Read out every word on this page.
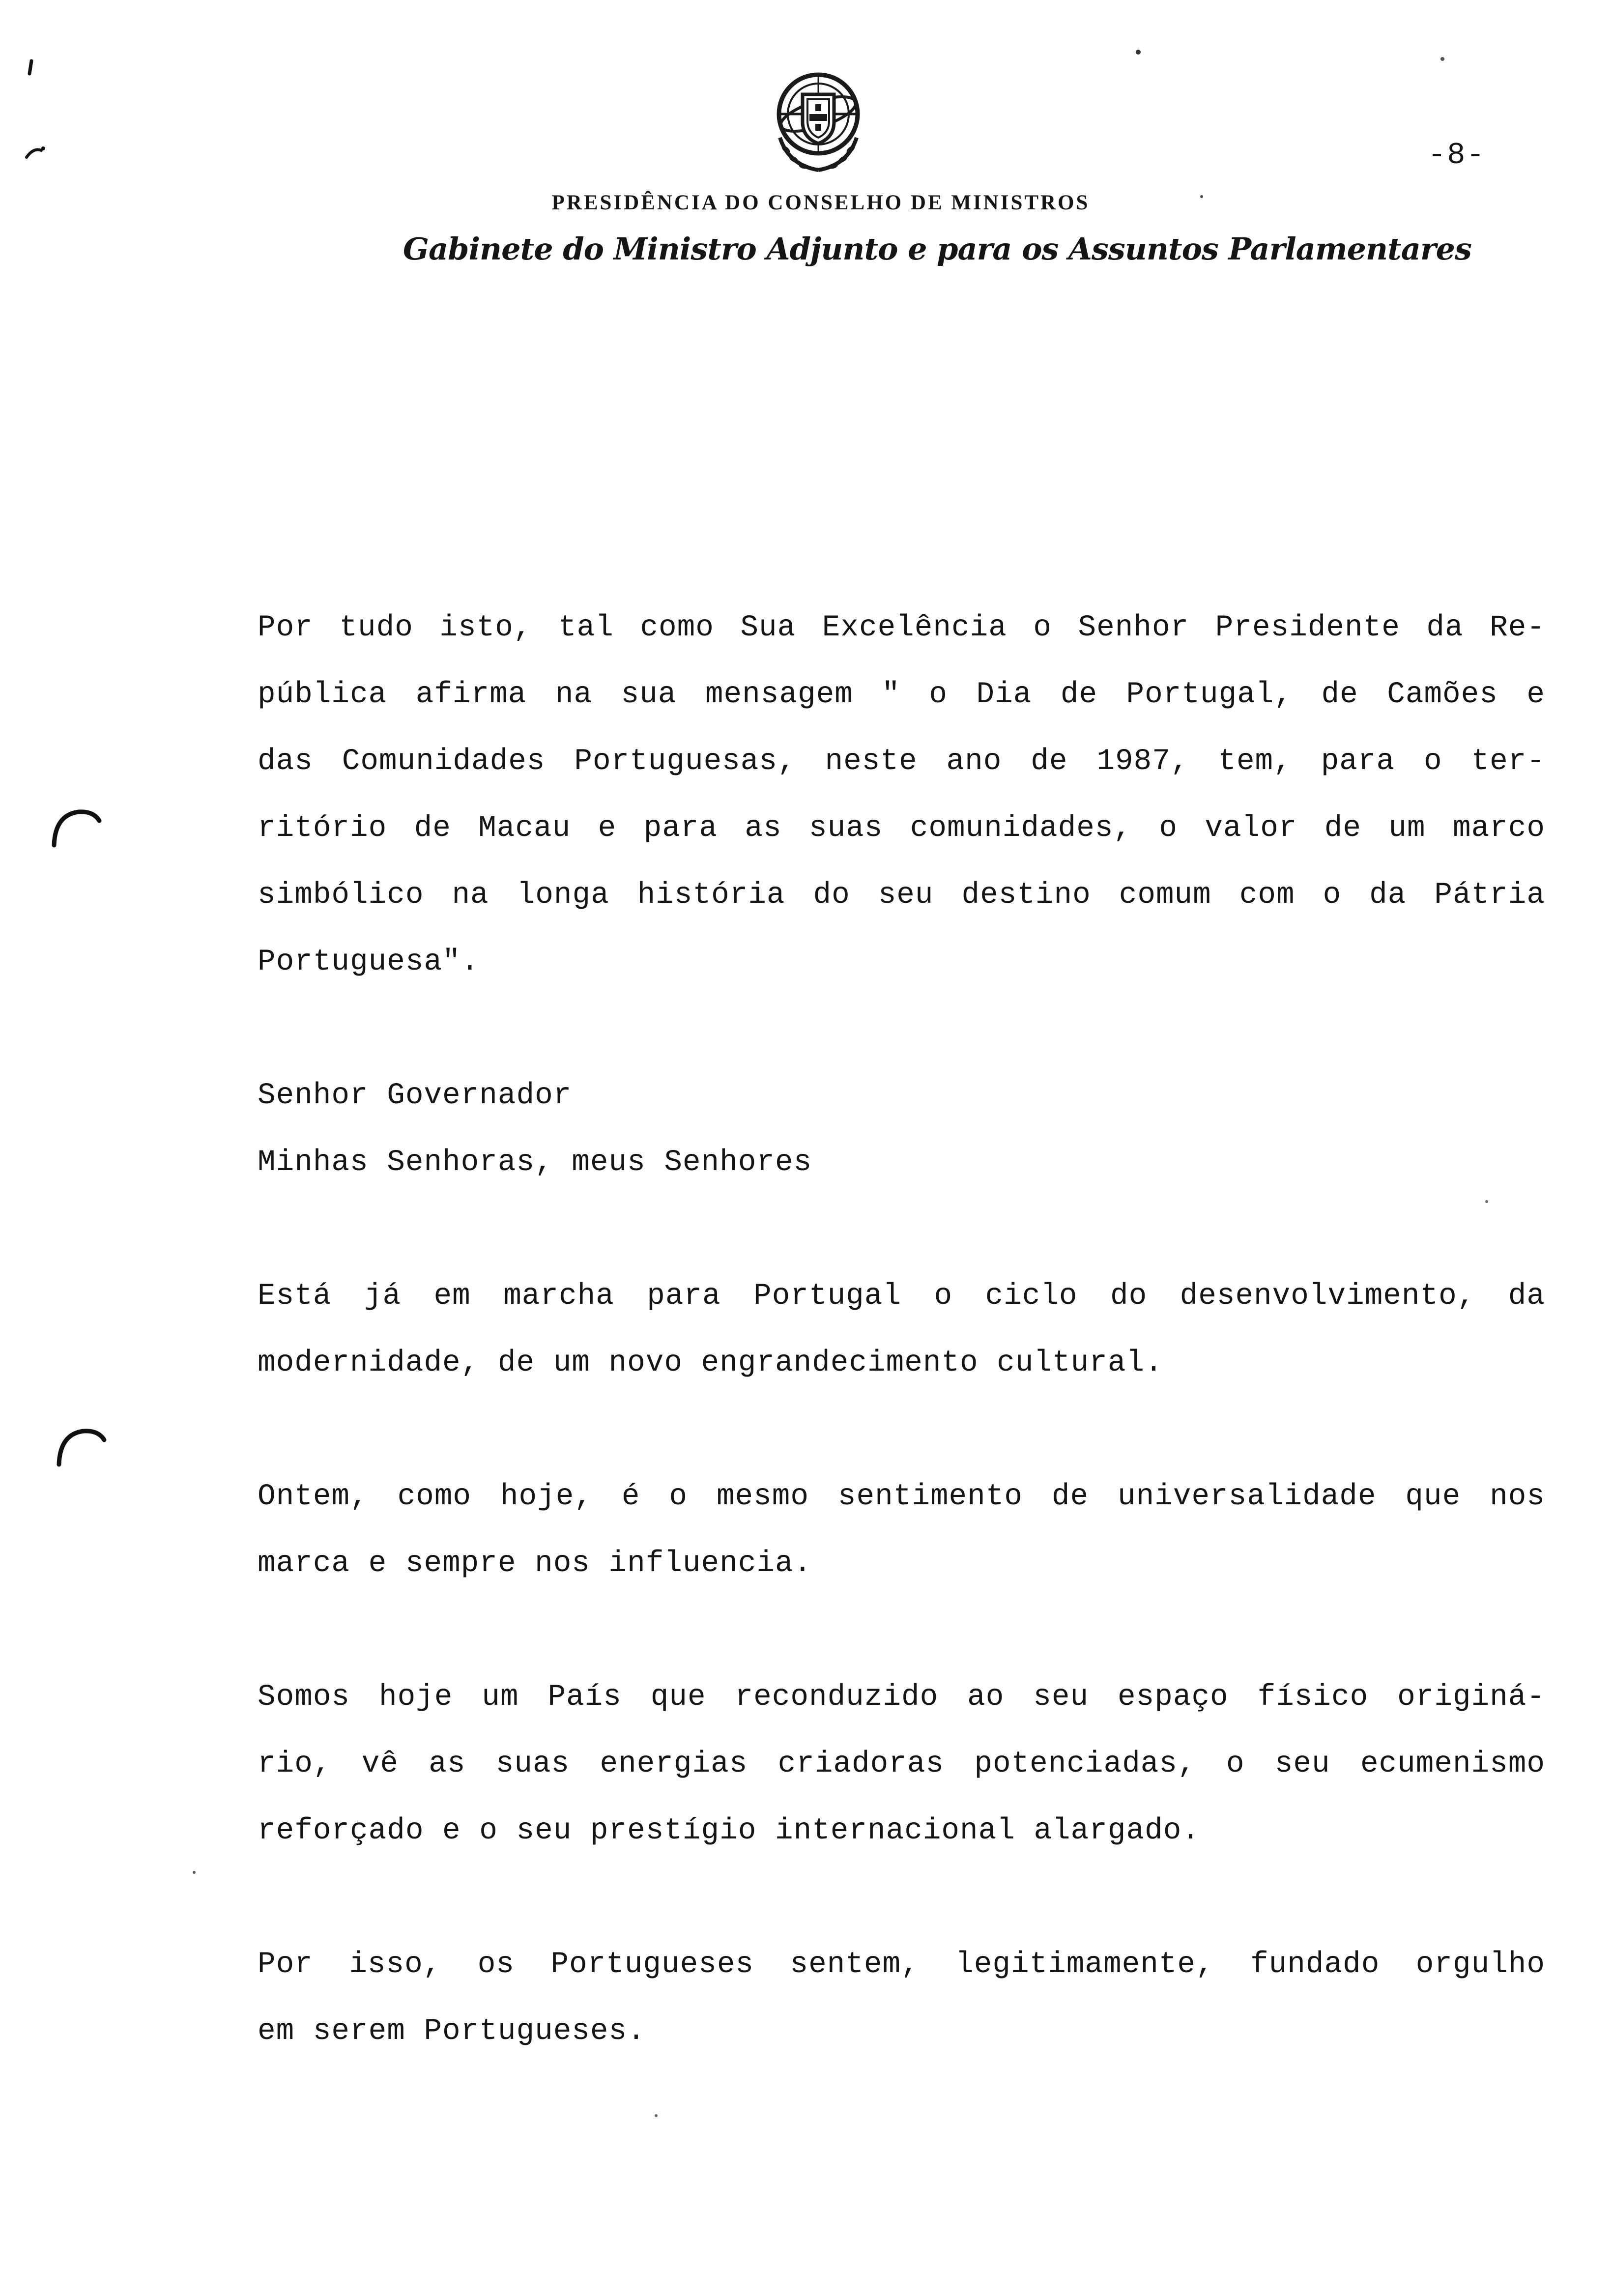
-8-
PRESIDÊNCIA DO CONSELHO DE MINISTROS
Gabinete do Ministro Adjunto e para os Assuntos Parlamentares
Por tudo isto, tal como Sua Excelência o Senhor Presidente da Re-
pública afirma na sua mensagem " o Dia de Portugal, de Camões e
das Comunidades Portuguesas, neste ano de 1987, tem, para o ter-
ritório de Macau e para as suas comunidades, o valor de um marco
simbólico na longa história do seu destino comum com o da Pátria
Portuguesa".
Senhor Governador
Minhas Senhoras, meus Senhores
Está já em marcha para Portugal o ciclo do desenvolvimento, da
modernidade, de um novo engrandecimento cultural.
Ontem, como hoje, é o mesmo sentimento de universalidade que nos
marca e sempre nos influencia.
Somos hoje um País que reconduzido ao seu espaço físico originá-
rio, vê as suas energias criadoras potenciadas, o seu ecumenismo
reforçado e o seu prestígio internacional alargado.
Por isso, os Portugueses sentem, legitimamente, fundado orgulho
em serem Portugueses.
